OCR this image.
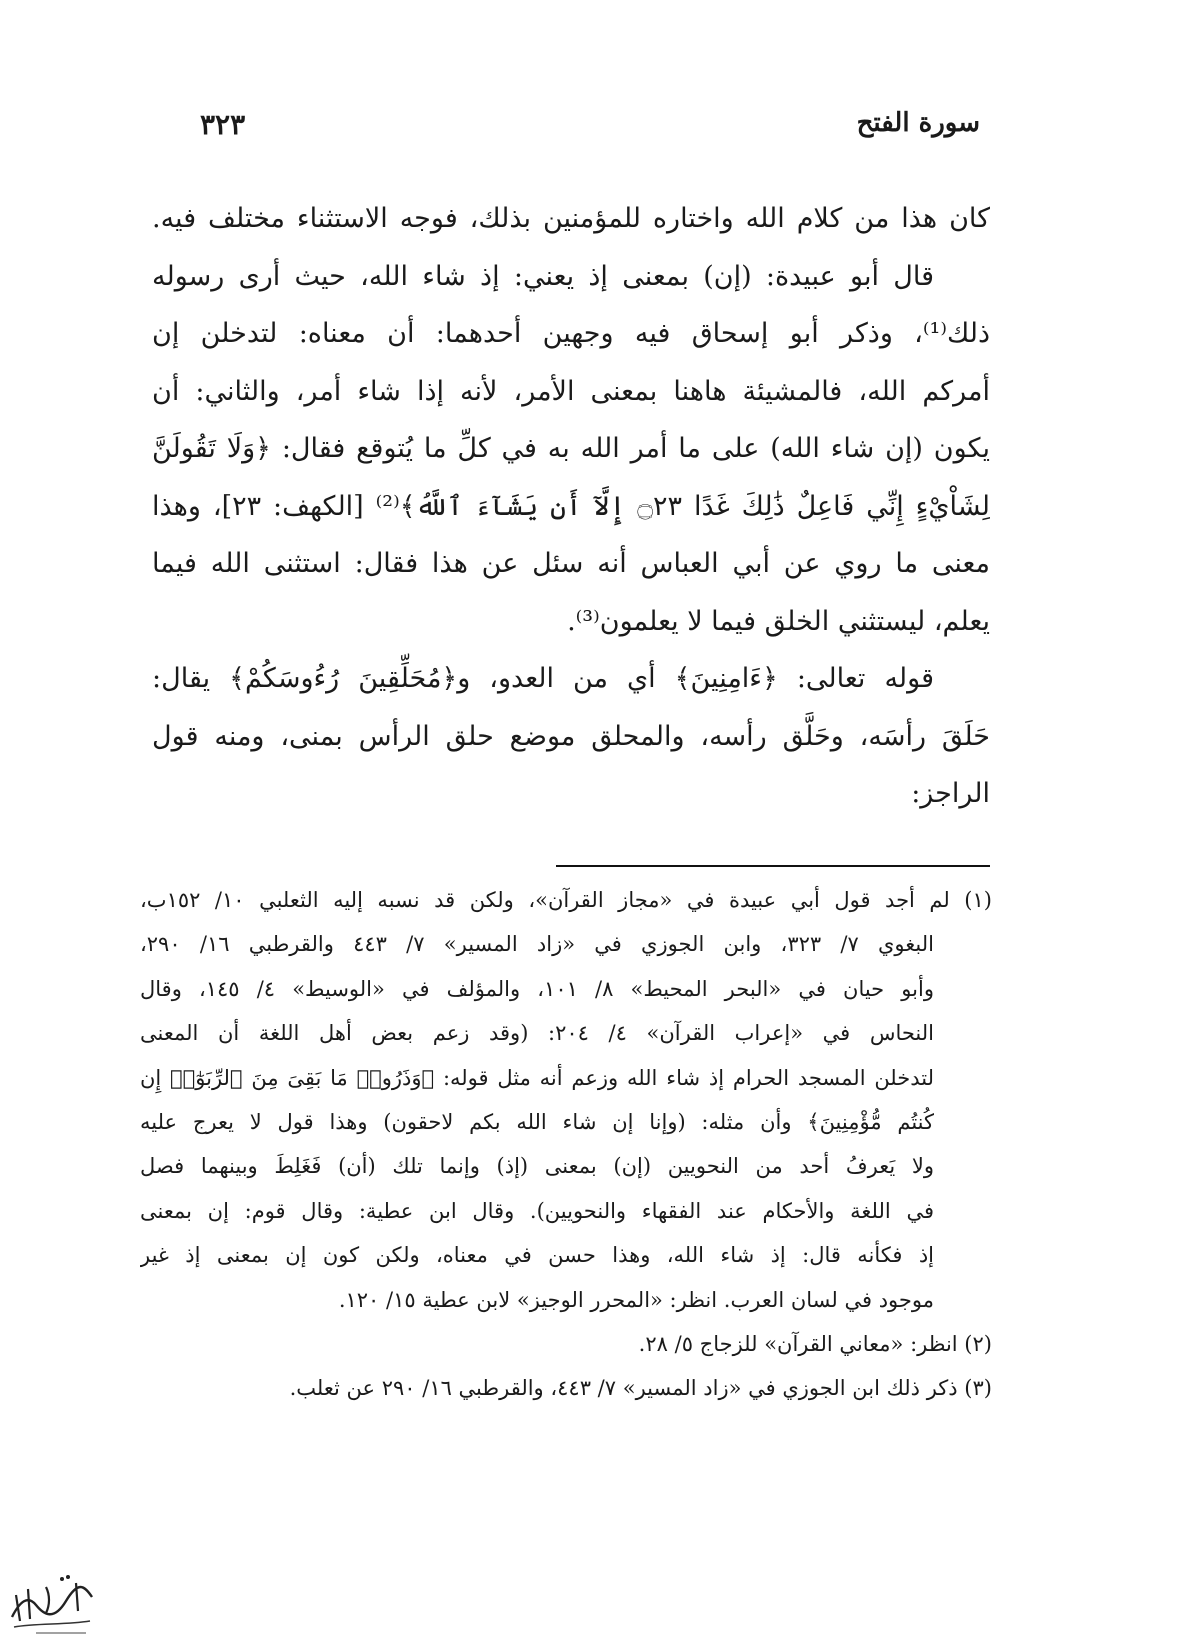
سورة الفتح
٣٢٣
كان هذا من كلام الله واختاره للمؤمنين بذلك، فوجه الاستثناء مختلف فيه.
قال أبو عبيدة: (إن) بمعنى إذ يعني: إذ شاء الله، حيث أرى رسوله
ذلك⁽¹⁾، وذكر أبو إسحاق فيه وجهين أحدهما: أن معناه: لتدخلن إن
أمركم الله، فالمشيئة هاهنا بمعنى الأمر، لأنه إذا شاء أمر، والثاني: أن
يكون (إن شاء الله) على ما أمر الله به في كلِّ ما يُتوقع فقال: ﴿وَلَا تَقُولَنَّ
لِشَاْيْءٍ إِنِّي فَاعِلٌ ذَٰلِكَ غَدًا ۝٢٣ إِلَّآ أَن يَشَآءَ ٱللَّهُ﴾⁽²⁾ [الكهف: ٢٣]، وهذا
معنى ما روي عن أبي العباس أنه سئل عن هذا فقال: استثنى الله فيما
يعلم، ليستثني الخلق فيما لا يعلمون⁽³⁾.
قوله تعالى: ﴿ءَامِنِينَ﴾ أي من العدو، و﴿مُحَلِّقِينَ رُءُوسَكُمْ﴾ يقال:
حَلَقَ رأسَه، وحَلَّق رأسه، والمحلق موضع حلق الرأس بمنى، ومنه قول
الراجز:
(١) لم أجد قول أبي عبيدة في «مجاز القرآن»، ولكن قد نسبه إليه الثعلبي ١٠/ ١٥٢ب،
البغوي ٧/ ٣٢٣، وابن الجوزي في «زاد المسير» ٧/ ٤٤٣ والقرطبي ١٦/ ٢٩٠،
وأبو حيان في «البحر المحيط» ٨/ ١٠١، والمؤلف في «الوسيط» ٤/ ١٤٥، وقال
النحاس في «إعراب القرآن» ٤/ ٢٠٤: (وقد زعم بعض أهل اللغة أن المعنى
لتدخلن المسجد الحرام إذ شاء الله وزعم أنه مثل قوله: ﴿وَذَرُوا۟ مَا بَقِىَ مِنَ ٱلرِّبَوٰٓا۟ إِن
كُنتُم مُّؤْمِنِينَ﴾ وأن مثله: (وإنا إن شاء الله بكم لاحقون) وهذا قول لا يعرج عليه
ولا يَعرفُ أحد من النحويين (إن) بمعنى (إذ) وإنما تلك (أن) فَغَلِطَ وبينهما فصل
في اللغة والأحكام عند الفقهاء والنحويين). وقال ابن عطية: وقال قوم: إن بمعنى
إذ فكأنه قال: إذ شاء الله، وهذا حسن في معناه، ولكن كون إن بمعنى إذ غير
موجود في لسان العرب. انظر: «المحرر الوجيز» لابن عطية ١٥/ ١٢٠.
(٢) انظر: «معاني القرآن» للزجاج ٥/ ٢٨.
(٣) ذكر ذلك ابن الجوزي في «زاد المسير» ٧/ ٤٤٣، والقرطبي ١٦/ ٢٩٠ عن ثعلب.
